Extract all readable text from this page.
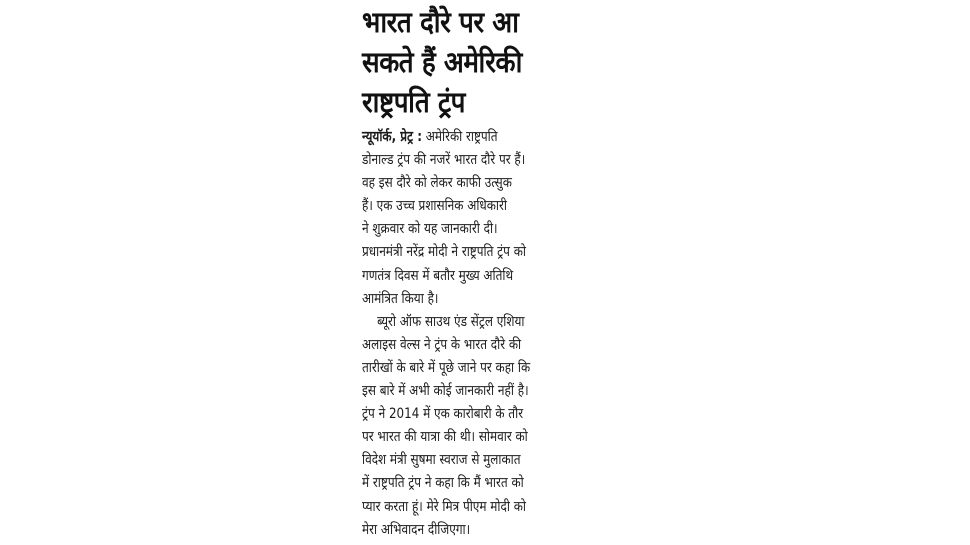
भारत दौरे पर आ
सकते हैं अमेरिकी
राष्ट्रपति ट्रंप
न्यूयॉर्क, प्रेट्र : अमेरिकी राष्ट्रपति
डोनाल्ड ट्रंप की नजरें भारत दौरे पर हैं।
वह इस दौरे को लेकर काफी उत्सुक
हैं। एक उच्च प्रशासनिक अधिकारी
ने शुक्रवार को यह जानकारी दी।
प्रधानमंत्री नरेंद्र मोदी ने राष्ट्रपति ट्रंप को
गणतंत्र दिवस में बतौर मुख्य अतिथि
आमंत्रित किया है।
ब्यूरो ऑफ साउथ एंड सेंट्रल एशिया
अलाइस वेल्स ने ट्रंप के भारत दौरे की
तारीखों के बारे में पूछे जाने पर कहा कि
इस बारे में अभी कोई जानकारी नहीं है।
ट्रंप ने 2014 में एक कारोबारी के तौर
पर भारत की यात्रा की थी। सोमवार को
विदेश मंत्री सुषमा स्वराज से मुलाकात
में राष्ट्रपति ट्रंप ने कहा कि मैं भारत को
प्यार करता हूं। मेरे मित्र पीएम मोदी को
मेरा अभिवादन दीजिएगा।
